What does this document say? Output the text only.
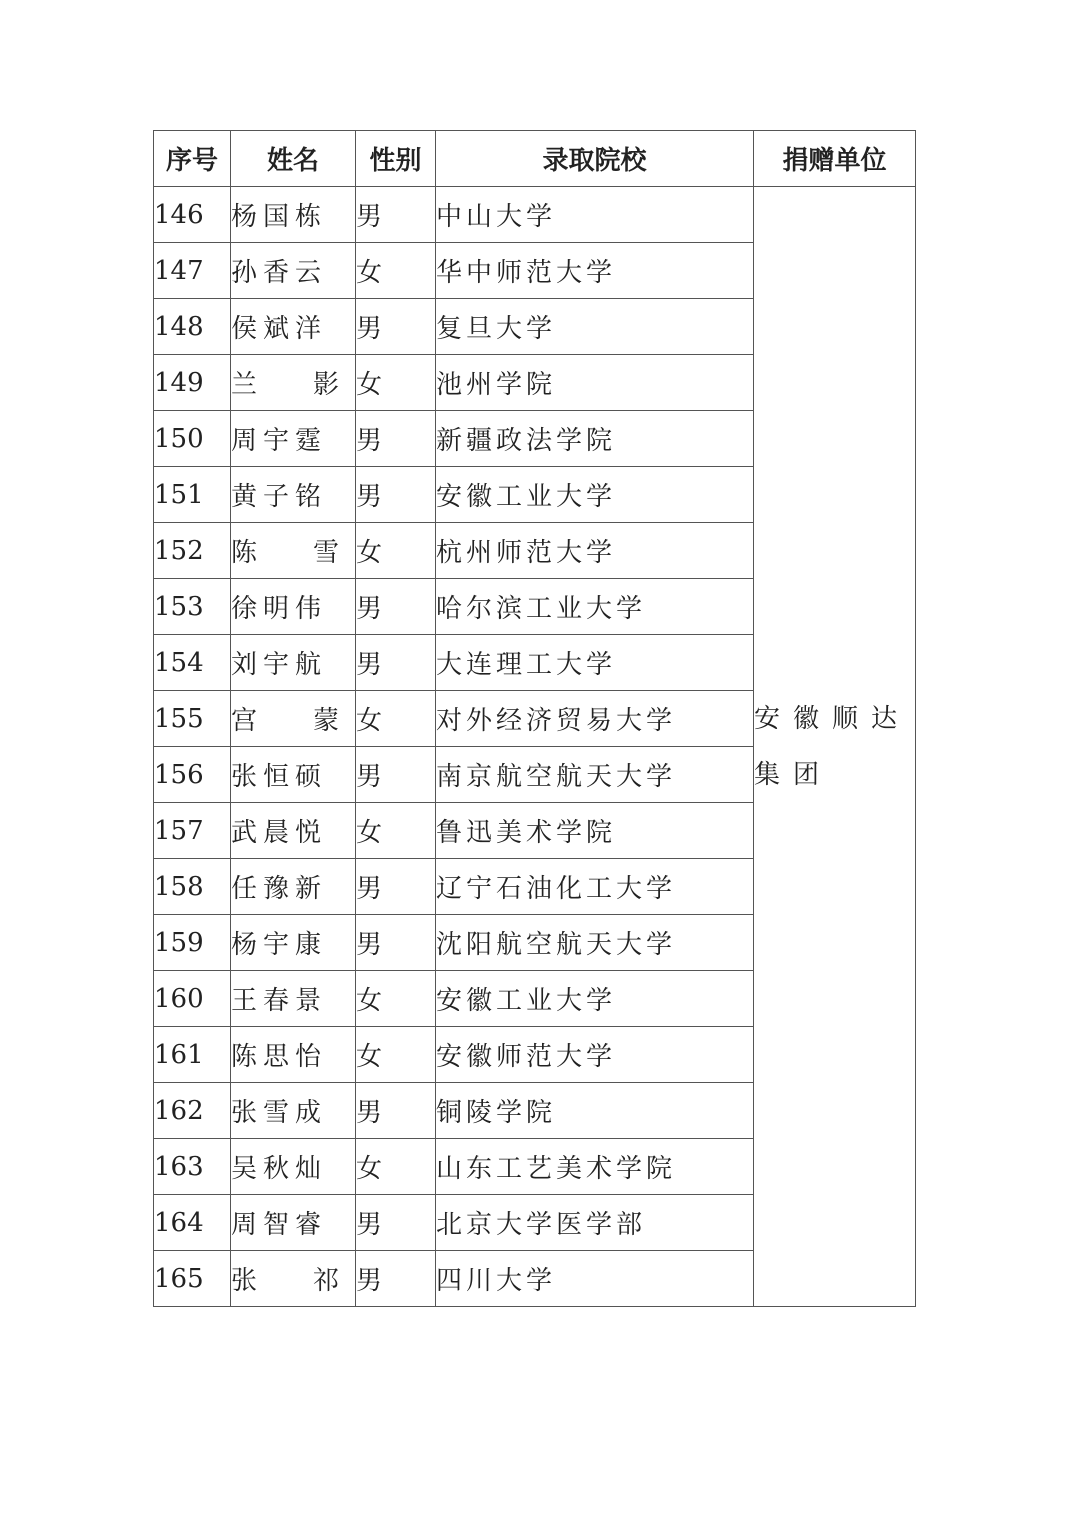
序号	姓名	性别	录取院校	捐赠单位
146	杨国栋	男	中山大学	安徽顺达集团
147	孙香云	女	华中师范大学	
148	侯斌洋	男	复旦大学	
149	兰 影	女	池州学院	
150	周宇霆	男	新疆政法学院	
151	黄子铭	男	安徽工业大学	
152	陈 雪	女	杭州师范大学	
153	徐明伟	男	哈尔滨工业大学	
154	刘宇航	男	大连理工大学	
155	宫 蒙	女	对外经济贸易大学	
156	张恒硕	男	南京航空航天大学	
157	武晨悦	女	鲁迅美术学院	
158	任豫新	男	辽宁石油化工大学	
159	杨宇康	男	沈阳航空航天大学	
160	王春景	女	安徽工业大学	
161	陈思怡	女	安徽师范大学	
162	张雪成	男	铜陵学院	
163	吴秋灿	女	山东工艺美术学院	
164	周智睿	男	北京大学医学部	
165	张 祁	男	四川大学	
